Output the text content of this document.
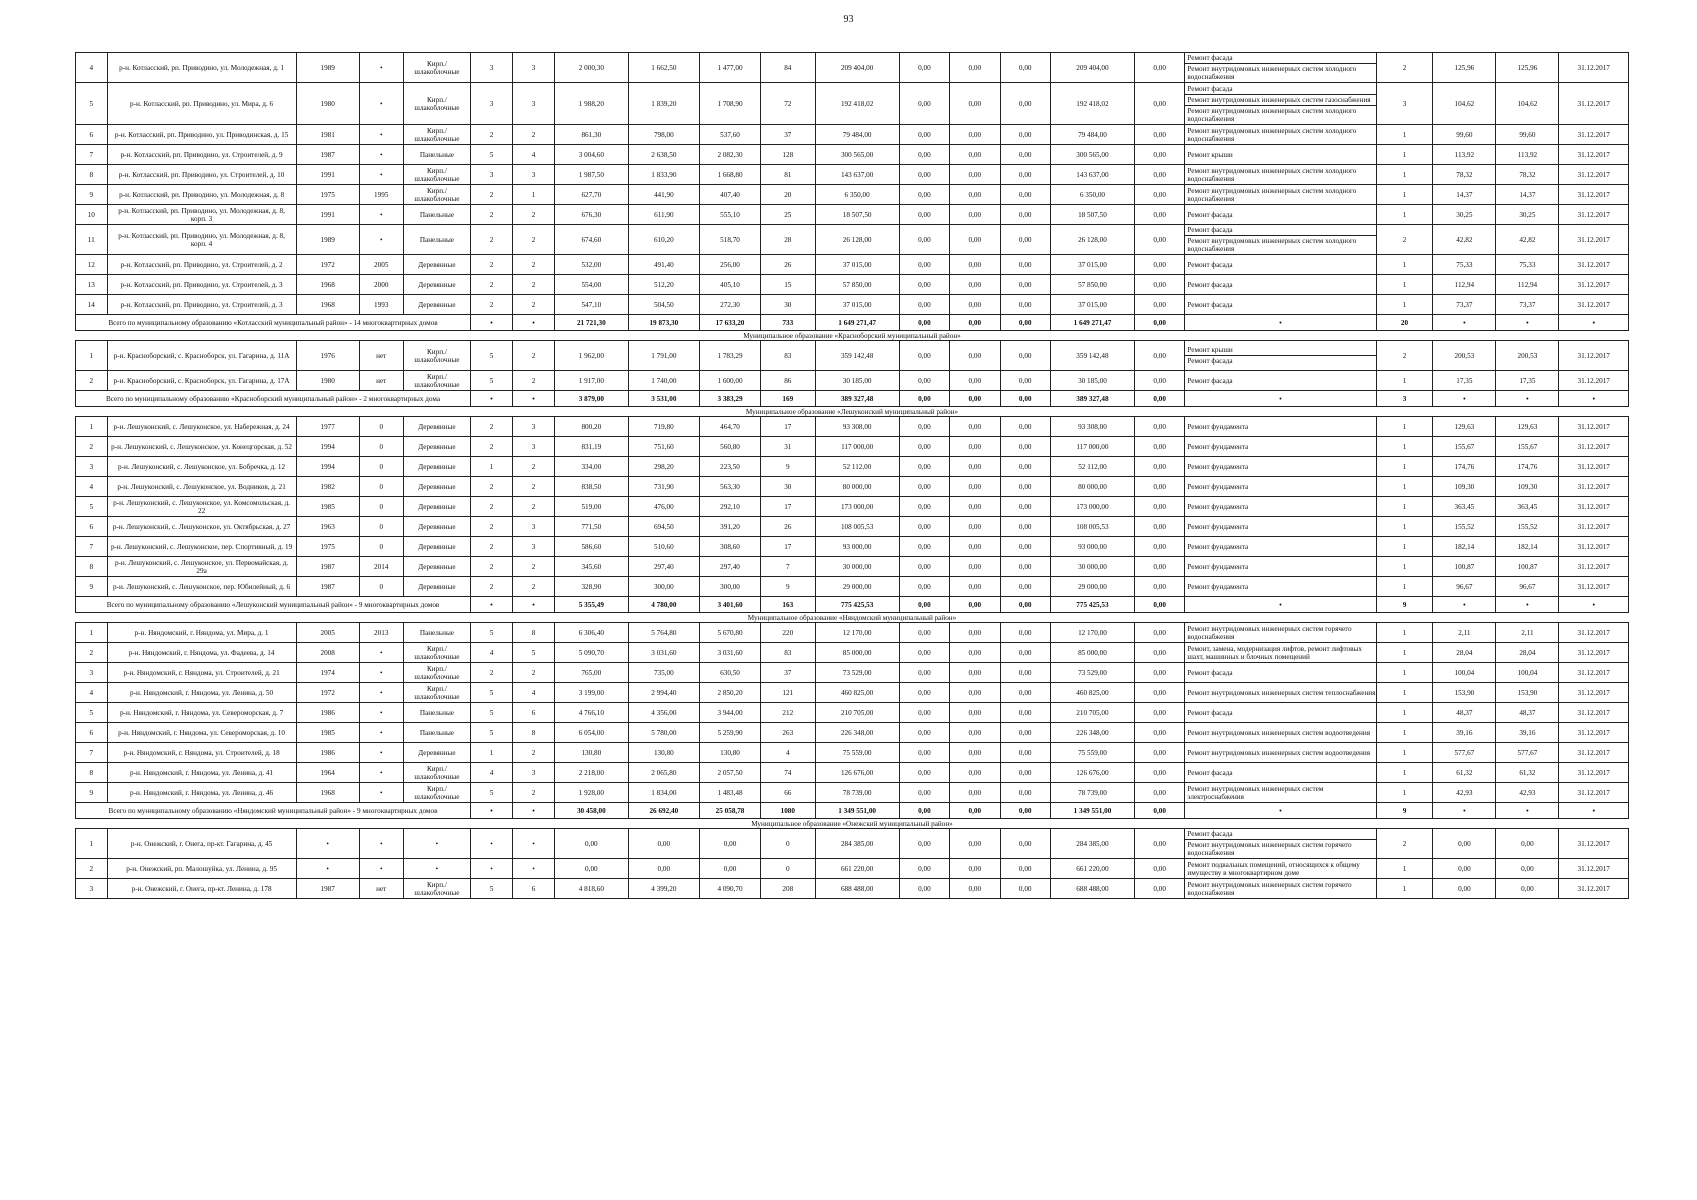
93
4	р-н. Котласский, рп. Приводино, ул. Молодежная, д. 1	1989	•	Кирп./ шлакоблочные	3	3	2 000,30	1 662,50	1 477,00	84	209 404,00	0,00	0,00	0,00	209 404,00	0,00	Ремонт фасада
Ремонт внутридомовых инженерных систем холодного водоснабжения	2	125,96	125,96	31.12.2017
5	р-н. Котласский, рп. Приводино, ул. Мира, д. 6	1980	•	Кирп./ шлакоблочные	3	3	1 988,20	1 839,20	1 708,90	72	192 418,02	0,00	0,00	0,00	192 418,02	0,00	Ремонт фасада
Ремонт внутридомовых инженерных систем газоснабжения
Ремонт внутридомовых инженерных систем холодного водоснабжения	3	104,62	104,62	31.12.2017
6	р-н. Котласский, рп. Приводино, ул. Приводинская, д. 15	1981	•	Кирп./ шлакоблочные	2	2	861,30	798,00	537,60	37	79 484,00	0,00	0,00	0,00	79 484,00	0,00	Ремонт внутридомовых инженерных систем холодного водоснабжения	1	99,60	99,60	31.12.2017
7	р-н. Котласский, рп. Приводино, ул. Строителей, д. 9	1987	•	Панельные	5	4	3 004,60	2 638,50	2 082,30	128	300 565,00	0,00	0,00	0,00	300 565,00	0,00	Ремонт крыши	1	113,92	113,92	31.12.2017
8	р-н. Котласский, рп. Приводино, ул. Строителей, д. 10	1991	•	Кирп./ шлакоблочные	3	3	1 987,50	1 833,90	1 668,80	81	143 637,00	0,00	0,00	0,00	143 637,00	0,00	Ремонт внутридомовых инженерных систем холодного водоснабжения	1	78,32	78,32	31.12.2017
9	р-н. Котласский, рп. Приводино, ул. Молодежная, д. 8	1975	1995	Кирп./ шлакоблочные	2	1	627,70	441,90	407,40	20	6 350,00	0,00	0,00	0,00	6 350,00	0,00	Ремонт внутридомовых инженерных систем холодного водоснабжения	1	14,37	14,37	31.12.2017
10	р-н. Котласский, рп. Приводино, ул. Молодежная, д. 8, корп. 3	1991	•	Панельные	2	2	676,30	611,90	555,10	25	18 507,50	0,00	0,00	0,00	18 507,50	0,00	Ремонт фасада	1	30,25	30,25	31.12.2017
11	р-н. Котласский, рп. Приводино, ул. Молодежная, д. 8, корп. 4	1989	•	Панельные	2	2	674,60	610,20	518,70	28	26 128,00	0,00	0,00	0,00	26 128,00	0,00	Ремонт фасада
Ремонт внутридомовых инженерных систем холодного водоснабжения	2	42,82	42,82	31.12.2017
12	р-н. Котласский, рп. Приводино, ул. Строителей, д. 2	1972	2005	Деревянные	2	2	532,00	491,40	256,00	26	37 015,00	0,00	0,00	0,00	37 015,00	0,00	Ремонт фасада	1	75,33	75,33	31.12.2017
13	р-н. Котласский, рп. Приводино, ул. Строителей, д. 3	1968	2000	Деревянные	2	2	554,00	512,20	405,10	15	57 850,00	0,00	0,00	0,00	57 850,00	0,00	Ремонт фасада	1	112,94	112,94	31.12.2017
14	р-н. Котласский, рп. Приводино, ул. Строителей, д. 3	1968	1993	Деревянные	2	2	547,10	504,50	272,30	30	37 015,00	0,00	0,00	0,00	37 015,00	0,00	Ремонт фасада	1	73,37	73,37	31.12.2017
Всего по муниципальному образованию «Котласский муниципальный район» - 14 многоквартирных домов					•	•	21 721,30	19 873,30	17 633,20	733	1 649 271,47	0,00	0,00	0,00	1 649 271,47	0,00	•	20	•	•	•
Муниципальное образование «Красноборский муниципальный район»																					
1	р-н. Красноборский, с. Красноборск, ул. Гагарина, д. 11А	1976	нет	Кирп./ шлакоблочные	5	2	1 962,00	1 791,00	1 783,29	83	359 142,48	0,00	0,00	0,00	359 142,48	0,00	Ремонт крыши
Ремонт фасада	2	200,53	200,53	31.12.2017
2	р-н. Красноборский, с. Красноборск, ул. Гагарина, д. 17А	1980	нет	Кирп./ шлакоблочные	5	2	1 917,00	1 740,00	1 600,00	86	30 185,00	0,00	0,00	0,00	30 185,00	0,00	Ремонт фасада	1	17,35	17,35	31.12.2017
Всего по муниципальному образованию «Красноборский муниципальный район» - 2 многоквартирных дома					•	•	3 879,00	3 531,00	3 383,29	169	389 327,48	0,00	0,00	0,00	389 327,48	0,00	•	3	•	•	•
Муниципальное образование «Лешуконский муниципальный район»																					
1	р-н. Лешуконский, с. Лешуконское, ул. Набережная, д. 24	1977	0	Деревянные	2	3	800,20	719,80	464,70	17	93 308,00	0,00	0,00	0,00	93 308,00	0,00	Ремонт фундамента	1	129,63	129,63	31.12.2017
2	р-н. Лешуконский, с. Лешуконское, ул. Конецгорская, д. 52	1994	0	Деревянные	2	3	831,19	751,60	560,80	31	117 000,00	0,00	0,00	0,00	117 000,00	0,00	Ремонт фундамента	1	155,67	155,67	31.12.2017
3	р-н. Лешуконский, с. Лешуконское, ул. Бобречка, д. 12	1994	0	Деревянные	1	2	334,00	298,20	223,50	9	52 112,00	0,00	0,00	0,00	52 112,00	0,00	Ремонт фундамента	1	174,76	174,76	31.12.2017
4	р-н. Лешуконский, с. Лешуконское, ул. Водников, д. 21	1982	0	Деревянные	2	2	838,50	731,90	563,30	30	80 000,00	0,00	0,00	0,00	80 000,00	0,00	Ремонт фундамента	1	109,30	109,30	31.12.2017
5	р-н. Лешуконский, с. Лешуконское, ул. Комсомольская, д. 22	1985	0	Деревянные	2	2	519,00	476,00	292,10	17	173 000,00	0,00	0,00	0,00	173 000,00	0,00	Ремонт фундамента	1	363,45	363,45	31.12.2017
6	р-н. Лешуконский, с. Лешуконское, ул. Октябрьская, д. 27	1963	0	Деревянные	2	3	771,50	694,50	391,20	26	108 005,53	0,00	0,00	0,00	108 005,53	0,00	Ремонт фундамента	1	155,52	155,52	31.12.2017
7	р-н. Лешуконский, с. Лешуконское, пер. Спортивный, д. 19	1975	0	Деревянные	2	3	586,60	510,60	308,60	17	93 000,00	0,00	0,00	0,00	93 000,00	0,00	Ремонт фундамента	1	182,14	182,14	31.12.2017
8	р-н. Лешуконский, с. Лешуконское, ул. Первомайская, д. 29а	1987	2014	Деревянные	2	2	345,60	297,40	297,40	7	30 000,00	0,00	0,00	0,00	30 000,00	0,00	Ремонт фундамента	1	100,87	100,87	31.12.2017
9	р-н. Лешуконский, с. Лешуконское, пер. Юбилейный, д. 6	1987	0	Деревянные	2	2	328,90	300,00	300,00	9	29 000,00	0,00	0,00	0,00	29 000,00	0,00	Ремонт фундамента	1	96,67	96,67	31.12.2017
Всего по муниципальному образованию «Лешуконский муниципальный район» - 9 многоквартирных домов					•	•	5 355,49	4 780,00	3 401,60	163	775 425,53	0,00	0,00	0,00	775 425,53	0,00	•	9	•	•	•
Муниципальное образование «Няндомский муниципальный район»																					
1	р-н. Няндомский, г. Няндома, ул. Мира, д. 1	2005	2013	Панельные	5	8	6 306,40	5 764,80	5 670,80	220	12 170,00	0,00	0,00	0,00	12 170,00	0,00	Ремонт внутридомовых инженерных систем горячего водоснабжения	1	2,11	2,11	31.12.2017
2	р-н. Няндомский, г. Няндома, ул. Фадеева, д. 14	2008	•	Кирп./ шлакоблочные	4	5	5 090,70	3 031,60	3 031,60	83	85 000,00	0,00	0,00	0,00	85 000,00	0,00	Ремонт, замена, модернизация лифтов, ремонт лифтовых шахт, машинных и блочных помещений	1	28,04	28,04	31.12.2017
3	р-н. Няндомский, г. Няндома, ул. Строителей, д. 21	1974	•	Кирп./ шлакоблочные	2	2	765,00	735,00	630,50	37	73 529,00	0,00	0,00	0,00	73 529,00	0,00	Ремонт фасада	1	100,04	100,04	31.12.2017
4	р-н. Няндомский, г. Няндома, ул. Ленина, д. 50	1972	•	Кирп./ шлакоблочные	5	4	3 199,00	2 994,40	2 850,20	121	460 825,00	0,00	0,00	0,00	460 825,00	0,00	Ремонт внутридомовых инженерных систем теплоснабжения	1	153,90	153,90	31.12.2017
5	р-н. Няндомский, г. Няндома, ул. Североморская, д. 7	1986	•	Панельные	5	6	4 766,10	4 356,00	3 944,00	212	210 705,00	0,00	0,00	0,00	210 705,00	0,00	Ремонт фасада	1	48,37	48,37	31.12.2017
6	р-н. Няндомский, г. Няндома, ул. Североморская, д. 10	1985	•	Панельные	5	8	6 054,00	5 780,00	5 259,90	263	226 348,00	0,00	0,00	0,00	226 348,00	0,00	Ремонт внутридомовых инженерных систем водоотведения	1	39,16	39,16	31.12.2017
7	р-н. Няндомский, г. Няндома, ул. Строителей, д. 18	1986	•	Деревянные	1	2	130,80	130,80	130,80	4	75 559,00	0,00	0,00	0,00	75 559,00	0,00	Ремонт внутридомовых инженерных систем водоотведения	1	577,67	577,67	31.12.2017
8	р-н. Няндомский, г. Няндома, ул. Ленина, д. 41	1964	•	Кирп./ шлакоблочные	4	3	2 218,00	2 065,80	2 057,50	74	126 676,00	0,00	0,00	0,00	126 676,00	0,00	Ремонт фасада	1	61,32	61,32	31.12.2017
9	р-н. Няндомский, г. Няндома, ул. Ленина, д. 46	1968	•	Кирп./ шлакоблочные	5	2	1 928,00	1 834,00	1 483,48	66	78 739,00	0,00	0,00	0,00	78 739,00	0,00	Ремонт внутридомовых инженерных систем электроснабжения	1	42,93	42,93	31.12.2017
Всего по муниципальному образованию «Няндомский муниципальный район» - 9 многоквартирных домов					•	•	30 458,00	26 692,40	25 058,78	1080	1 349 551,00	0,00	0,00	0,00	1 349 551,00	0,00	•	9	•	•	•
Муниципальное образование «Онежский муниципальный район»																					
1	р-н. Онежский, г. Онега, пр-кт. Гагарина, д. 45	•	•	•	•	•	0,00	0,00	0,00	0	284 385,00	0,00	0,00	0,00	284 385,00	0,00	Ремонт фасада
Ремонт внутридомовых инженерных систем горячего водоснабжения	2	0,00	0,00	31.12.2017
2	р-н. Онежский, рп. Малошуйка, ул. Ленина, д. 95	•	•	•	•	•	0,00	0,00	0,00	0	661 220,00	0,00	0,00	0,00	661 220,00	0,00	Ремонт подвальных помещений, относящихся к общему имуществу в многоквартирном доме	1	0,00	0,00	31.12.2017
3	р-н. Онежский, г. Онега, пр-кт. Ленина, д. 178	1987	нет	Кирп./ шлакоблочные	5	6	4 818,60	4 399,20	4 090,70	208	688 488,00	0,00	0,00	0,00	688 488,00	0,00	Ремонт внутридомовых инженерных систем горячего водоснабжения	1	0,00	0,00	31.12.2017
